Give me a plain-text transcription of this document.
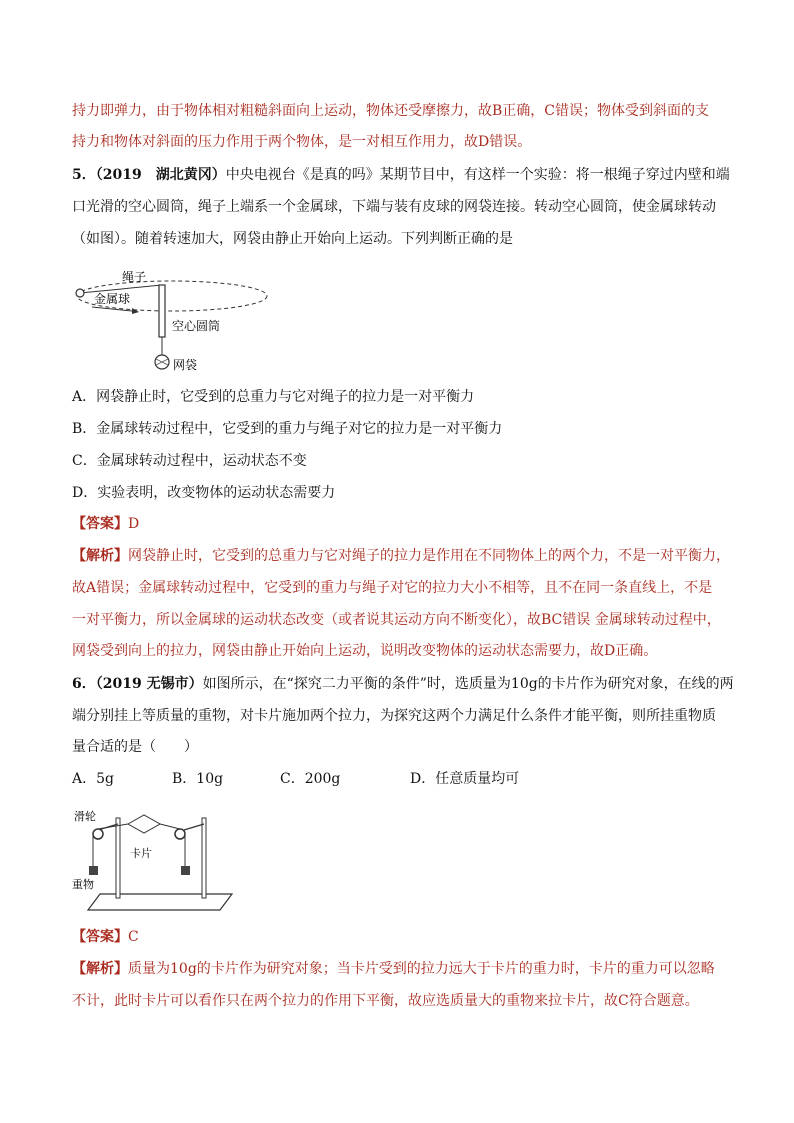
持力即弹力，由于物体相对粗糙斜面向上运动，物体还受摩擦力，故B正确，C错误；物体受到斜面的支
持力和物体对斜面的压力作用于两个物体，是一对相互作用力，故D错误。
5．（2019　湖北黄冈）中央电视台《是真的吗》某期节目中，有这样一个实验：将一根绳子穿过内壁和端
口光滑的空心圆筒，绳子上端系一个金属球，下端与装有皮球的网袋连接。转动空心圆筒，使金属球转动
（如图）。随着转速加大，网袋由静止开始向上运动。下列判断正确的是
绳子
金属球
空心圆筒
网袋
A．网袋静止时，它受到的总重力与它对绳子的拉力是一对平衡力
B．金属球转动过程中，它受到的重力与绳子对它的拉力是一对平衡力
C．金属球转动过程中，运动状态不变
D．实验表明，改变物体的运动状态需要力
【答案】D
【解析】网袋静止时，它受到的总重力与它对绳子的拉力是作用在不同物体上的两个力，不是一对平衡力，
故A错误；金属球转动过程中，它受到的重力与绳子对它的拉力大小不相等，且不在同一条直线上，不是
一对平衡力，所以金属球的运动状态改变（或者说其运动方向不断变化），故BC错误 金属球转动过程中，
网袋受到向上的拉力，网袋由静止开始向上运动，说明改变物体的运动状态需要力，故D正确。
6．（2019 无锡市）如图所示，在“探究二力平衡的条件”时，选质量为10g的卡片作为研究对象，在线的两
端分别挂上等质量的重物，对卡片施加两个拉力，为探究这两个力满足什么条件才能平衡，则所挂重物质
量合适的是（　　）
A．5g	B．10g	C．200g	D．任意质量均可
滑轮
卡片
重物
【答案】C
【解析】质量为10g的卡片作为研究对象；当卡片受到的拉力远大于卡片的重力时，卡片的重力可以忽略
不计，此时卡片可以看作只在两个拉力的作用下平衡，故应选质量大的重物来拉卡片，故C符合题意。
